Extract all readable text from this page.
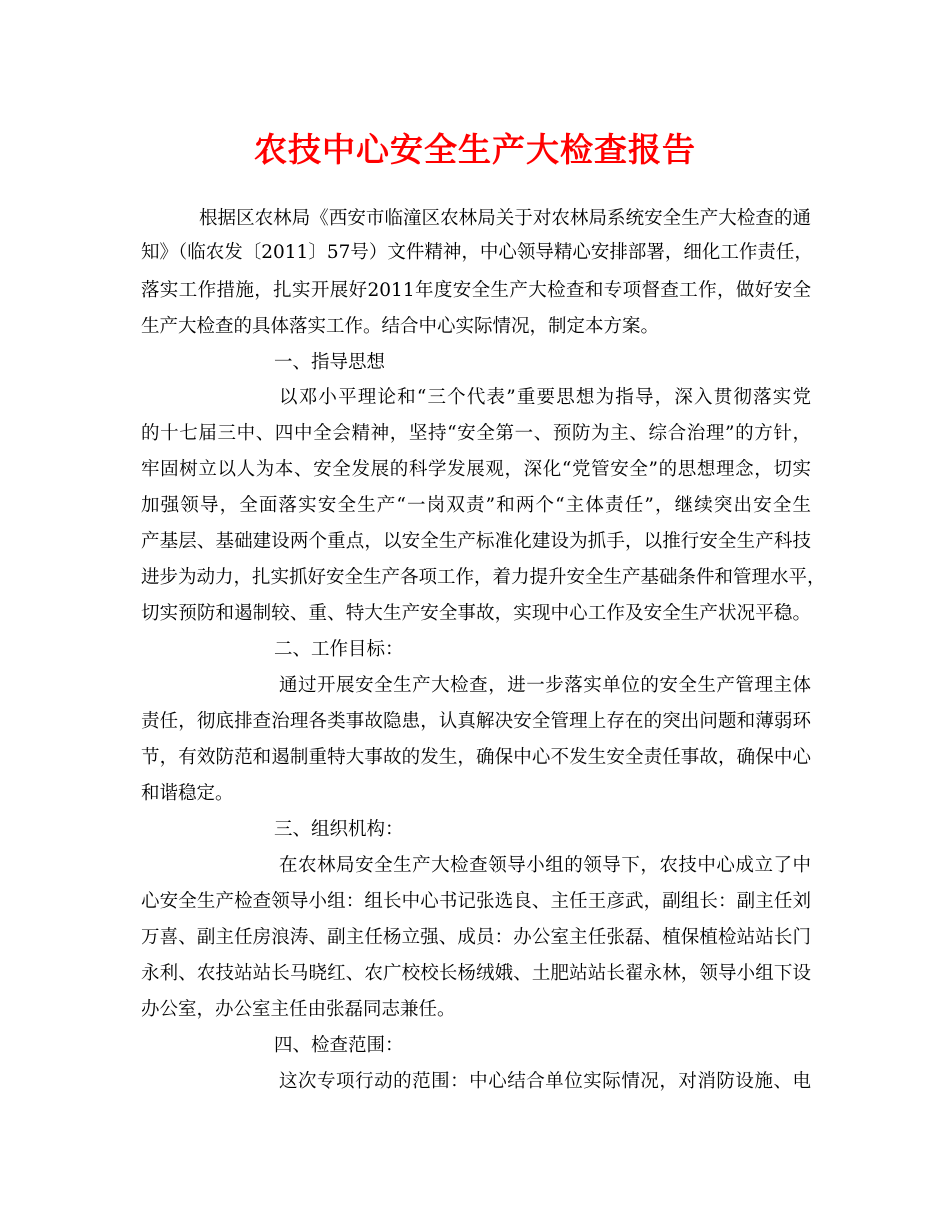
农技中心安全生产大检查报告
根据区农林局《西安市临潼区农林局关于对农林局系统安全生产大检查的通
知》（临农发〔2011〕57号）文件精神，中心领导精心安排部署，细化工作责任，
落实工作措施，扎实开展好2011年度安全生产大检查和专项督查工作，做好安全
生产大检查的具体落实工作。结合中心实际情况，制定本方案。
一、指导思想
以邓小平理论和“三个代表”重要思想为指导，深入贯彻落实党
的十七届三中、四中全会精神，坚持“安全第一、预防为主、综合治理”的方针，
牢固树立以人为本、安全发展的科学发展观，深化“党管安全”的思想理念，切实
加强领导，全面落实安全生产“一岗双责”和两个“主体责任”，继续突出安全生
产基层、基础建设两个重点，以安全生产标准化建设为抓手，以推行安全生产科技
进步为动力，扎实抓好安全生产各项工作，着力提升安全生产基础条件和管理水平，
切实预防和遏制较、重、特大生产安全事故，实现中心工作及安全生产状况平稳。
二、工作目标：
通过开展安全生产大检查，进一步落实单位的安全生产管理主体
责任，彻底排查治理各类事故隐患，认真解决安全管理上存在的突出问题和薄弱环
节，有效防范和遏制重特大事故的发生，确保中心不发生安全责任事故，确保中心
和谐稳定。
三、组织机构：
在农林局安全生产大检查领导小组的领导下，农技中心成立了中
心安全生产检查领导小组：组长中心书记张选良、主任王彦武，副组长：副主任刘
万喜、副主任房浪涛、副主任杨立强、成员：办公室主任张磊、植保植检站站长门
永利、农技站站长马晓红、农广校校长杨绒娥、土肥站站长翟永林，领导小组下设
办公室，办公室主任由张磊同志兼任。
四、检查范围：
这次专项行动的范围：中心结合单位实际情况，对消防设施、电
